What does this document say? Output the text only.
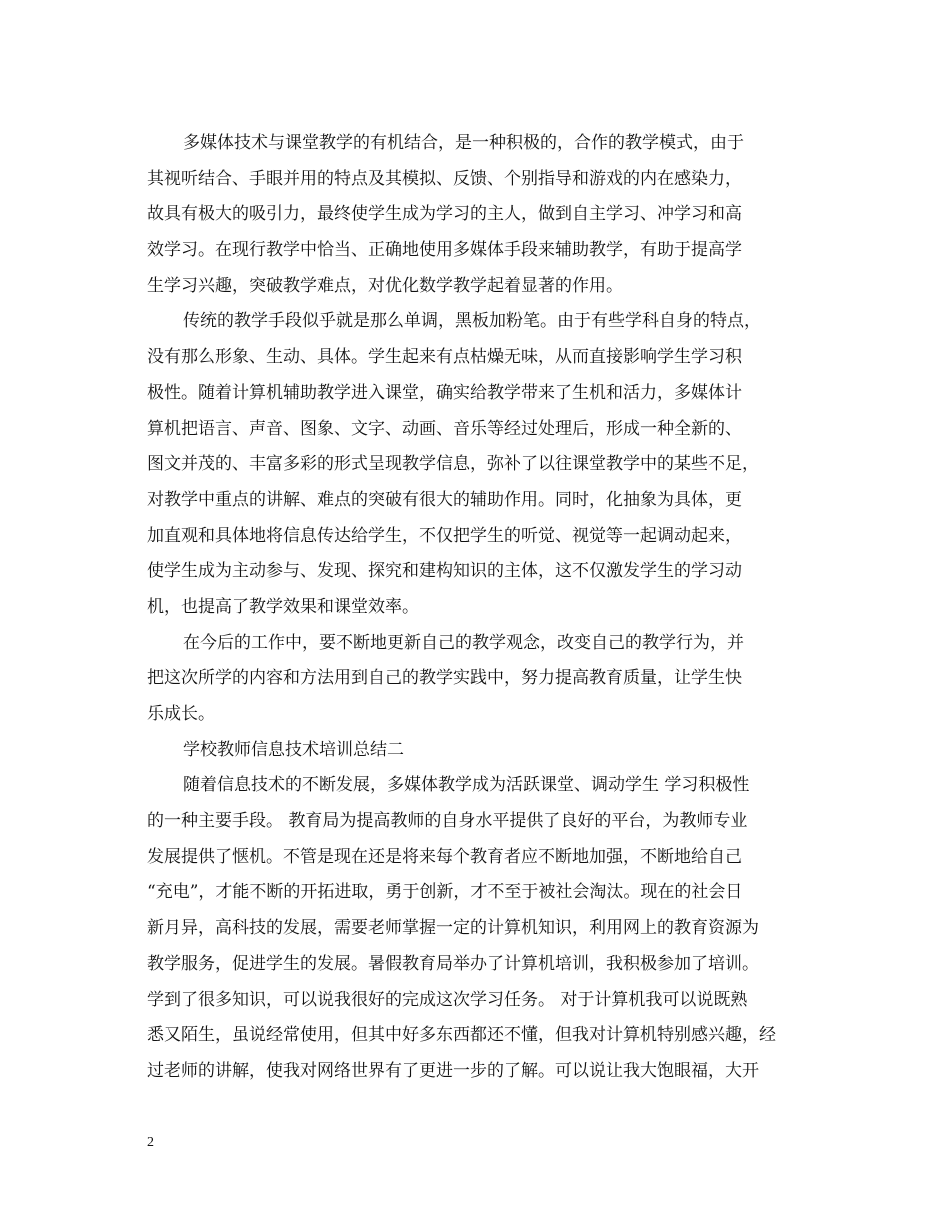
多媒体技术与课堂教学的有机结合，是一种积极的，合作的教学模式，由于
其视听结合、手眼并用的特点及其模拟、反馈、个别指导和游戏的内在感染力，
故具有极大的吸引力，最终使学生成为学习的主人，做到自主学习、冲学习和高
效学习。在现行教学中恰当、正确地使用多媒体手段来辅助教学，有助于提高学
生学习兴趣，突破教学难点，对优化数学教学起着显著的作用。
传统的教学手段似乎就是那么单调，黑板加粉笔。由于有些学科自身的特点，
没有那么形象、生动、具体。学生起来有点枯燥无味，从而直接影响学生学习积
极性。随着计算机辅助教学进入课堂，确实给教学带来了生机和活力，多媒体计
算机把语言、声音、图象、文字、动画、音乐等经过处理后，形成一种全新的、
图文并茂的、丰富多彩的形式呈现教学信息，弥补了以往课堂教学中的某些不足，
对教学中重点的讲解、难点的突破有很大的辅助作用。同时，化抽象为具体，更
加直观和具体地将信息传达给学生，不仅把学生的听觉、视觉等一起调动起来，
使学生成为主动参与、发现、探究和建构知识的主体，这不仅激发学生的学习动
机，也提高了教学效果和课堂效率。
在今后的工作中，要不断地更新自己的教学观念，改变自己的教学行为，并
把这次所学的内容和方法用到自己的教学实践中，努力提高教育质量，让学生快
乐成长。
学校教师信息技术培训总结二
随着信息技术的不断发展，多媒体教学成为活跃课堂、调动学生 学习积极性
的一种主要手段。 教育局为提高教师的自身水平提供了良好的平台，为教师专业
发展提供了惬机。不管是现在还是将来每个教育者应不断地加强，不断地给自己
“充电”，才能不断的开拓进取，勇于创新，才不至于被社会淘汰。现在的社会日
新月异，高科技的发展，需要老师掌握一定的计算机知识，利用网上的教育资源为
教学服务，促进学生的发展。暑假教育局举办了计算机培训，我积极参加了培训。
学到了很多知识，可以说我很好的完成这次学习任务。 对于计算机我可以说既熟
悉又陌生，虽说经常使用，但其中好多东西都还不懂，但我对计算机特别感兴趣，经
过老师的讲解，使我对网络世界有了更进一步的了解。可以说让我大饱眼福，大开
2
